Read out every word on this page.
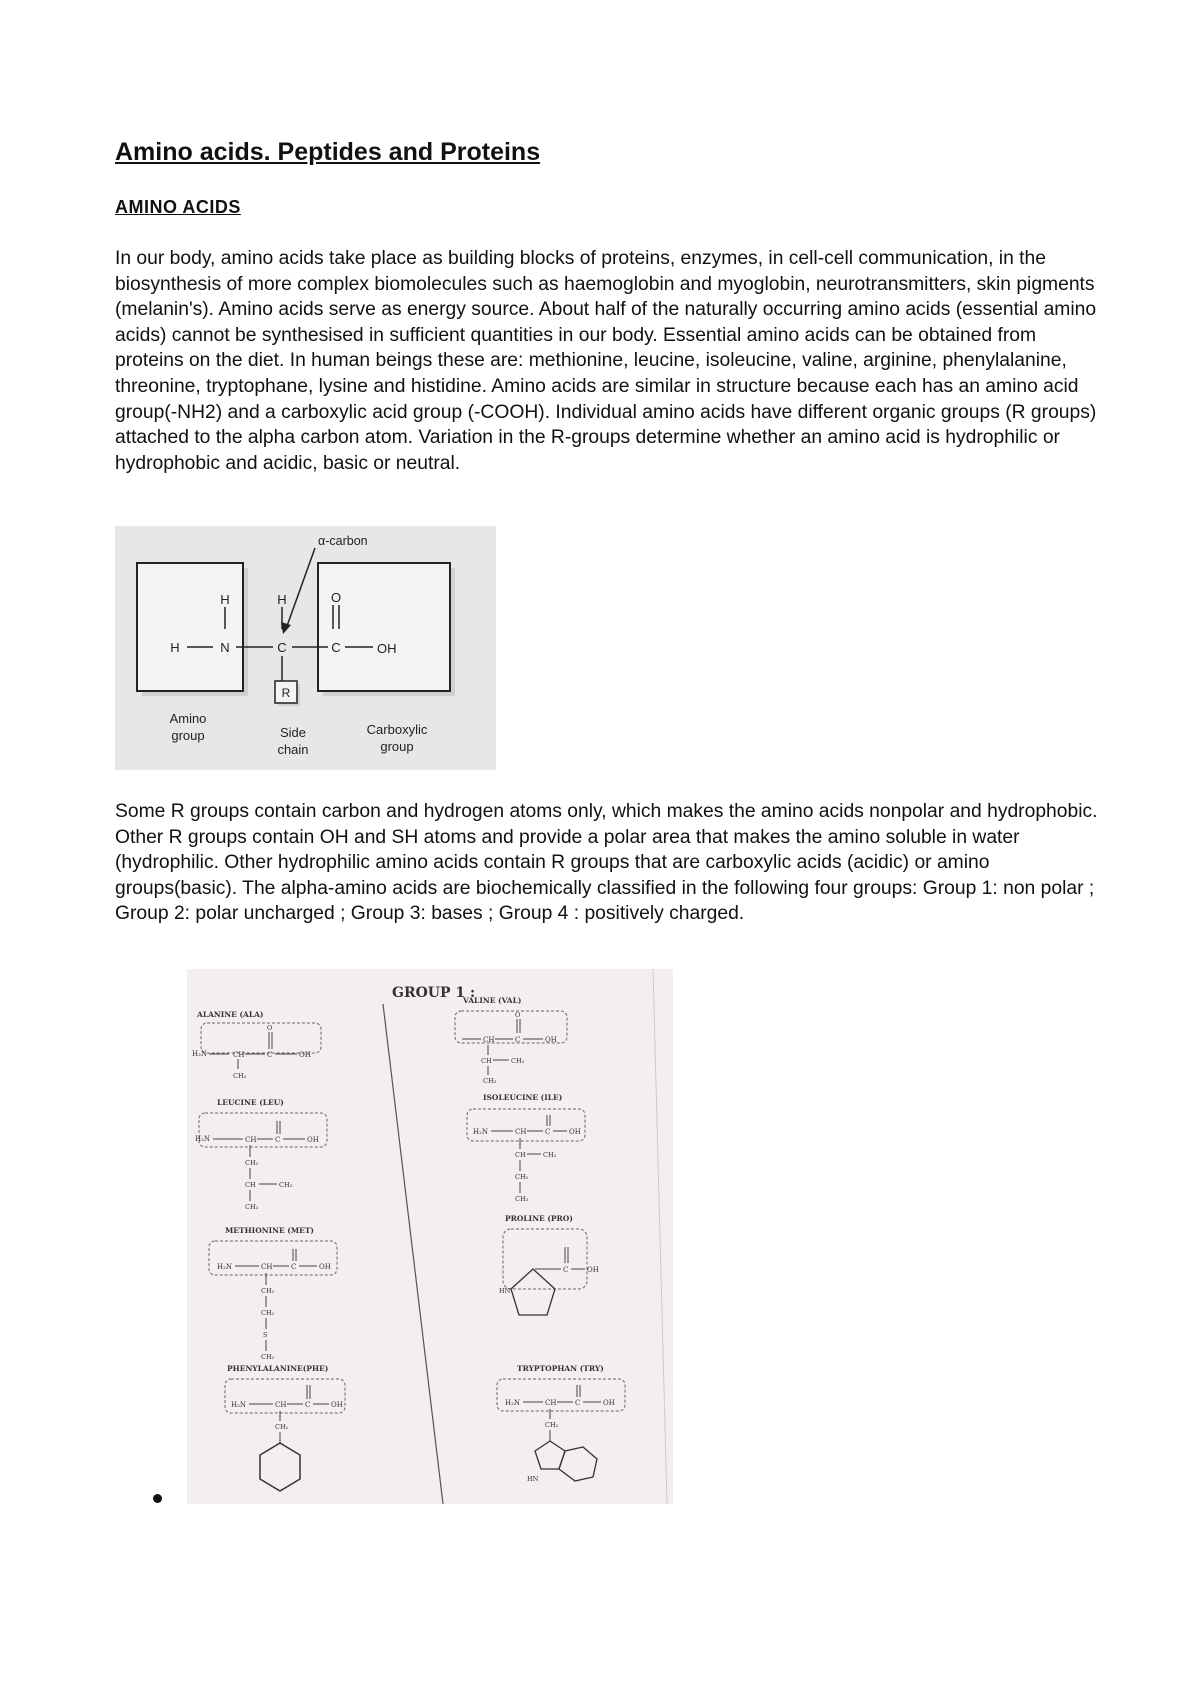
Amino acids. Peptides and Proteins
AMINO ACIDS

In our body, amino acids take place as building blocks of proteins, enzymes, in cell-cell communication, in the biosynthesis of more complex biomolecules such as haemoglobin and myoglobin, neurotransmitters, skin pigments (melanin's). Amino acids serve as energy source. About half of the naturally occurring amino acids (essential amino acids) cannot be synthesised in sufficient quantities in our body. Essential amino acids can be obtained from proteins on the diet. In human beings these are: methionine, leucine, isoleucine, valine, arginine, phenylalanine, threonine, tryptophane, lysine and histidine. Amino acids are similar in structure because each has an amino acid group(-NH2) and a carboxylic acid group (-COOH). Individual amino acids have different organic groups (R groups) attached to the alpha carbon atom. Variation in the R-groups determine whether an amino acid is hydrophilic or hydrophobic and acidic, basic or neutral.

H	H	O
H	N	C	C	OH
R
α-carbon
Amino
group	Side
chain
Carboxylic
group

Some R groups contain carbon and hydrogen atoms only, which makes the amino acids nonpolar and hydrophobic. Other R groups contain OH and SH atoms and provide a polar area that makes the amino soluble in water (hydrophilic. Other hydrophilic amino acids contain R groups that are carboxylic acids (acidic) or amino groups(basic). The alpha-amino acids are biochemically classified in the following four groups: Group 1: non polar ; Group 2: polar uncharged ; Group 3: bases ; Group 4 : positively charged.

GROUP 1 :
ALANINE (ALA)
H₂N	CH	C
O
OH
CH₃
LEUCINE (LEU)
H₂N	CH	C	OH
CH₂
CH	CH₃
CH₃
METHIONINE (MET)
H₂N	CH	C	OH
CH₂
CH₂
S
CH₃
PHENYLALANINE(PHE)
H₂N	CH	C	OH
CH₂
VALINE (VAL)
CH	C
O
OH
CH	CH₃
CH₃
ISOLEUCINE (ILE)
H₂N	CH	C	OH
CH	CH₃
CH₂
CH₃
PROLINE (PRO)
C	OH
HN
TRYPTOPHAN (TRY)
H₂N	CH	C	OH
CH₂
HN
